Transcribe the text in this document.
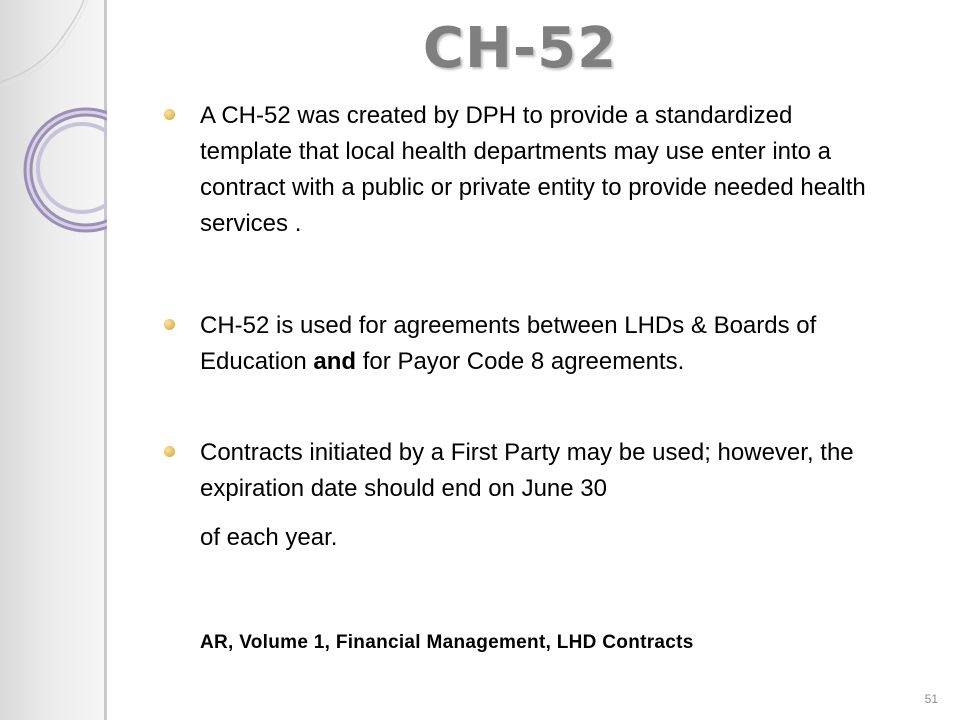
CH-52
A CH-52 was created by DPH to provide a standardized template that local health departments may use enter into a contract with a public or private entity to provide needed health services .
CH-52 is used for agreements between LHDs & Boards of Education and for Payor Code 8 agreements.
Contracts initiated by a First Party may be used; however, the expiration date should end on June 30
of each year.
AR, Volume 1, Financial Management, LHD Contracts
51
